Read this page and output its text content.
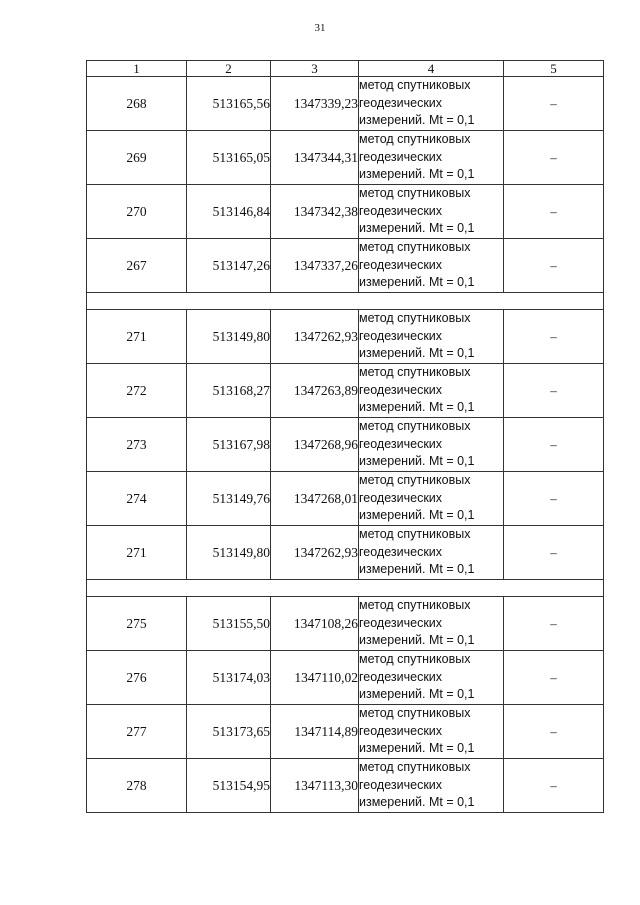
31
1	2	3	4	5
268	513165,56	1347339,23	метод спутниковых
геодезических
измерений. Mt = 0,1	–
269	513165,05	1347344,31	метод спутниковых
геодезических
измерений. Mt = 0,1	–
270	513146,84	1347342,38	метод спутниковых
геодезических
измерений. Mt = 0,1	–
267	513147,26	1347337,26	метод спутниковых
геодезических
измерений. Mt = 0,1	–

271	513149,80	1347262,93	метод спутниковых
геодезических
измерений. Mt = 0,1	–
272	513168,27	1347263,89	метод спутниковых
геодезических
измерений. Mt = 0,1	–
273	513167,98	1347268,96	метод спутниковых
геодезических
измерений. Mt = 0,1	–
274	513149,76	1347268,01	метод спутниковых
геодезических
измерений. Mt = 0,1	–
271	513149,80	1347262,93	метод спутниковых
геодезических
измерений. Mt = 0,1	–

275	513155,50	1347108,26	метод спутниковых
геодезических
измерений. Mt = 0,1	–
276	513174,03	1347110,02	метод спутниковых
геодезических
измерений. Mt = 0,1	–
277	513173,65	1347114,89	метод спутниковых
геодезических
измерений. Mt = 0,1	–
278	513154,95	1347113,30	метод спутниковых
геодезических
измерений. Mt = 0,1	–
